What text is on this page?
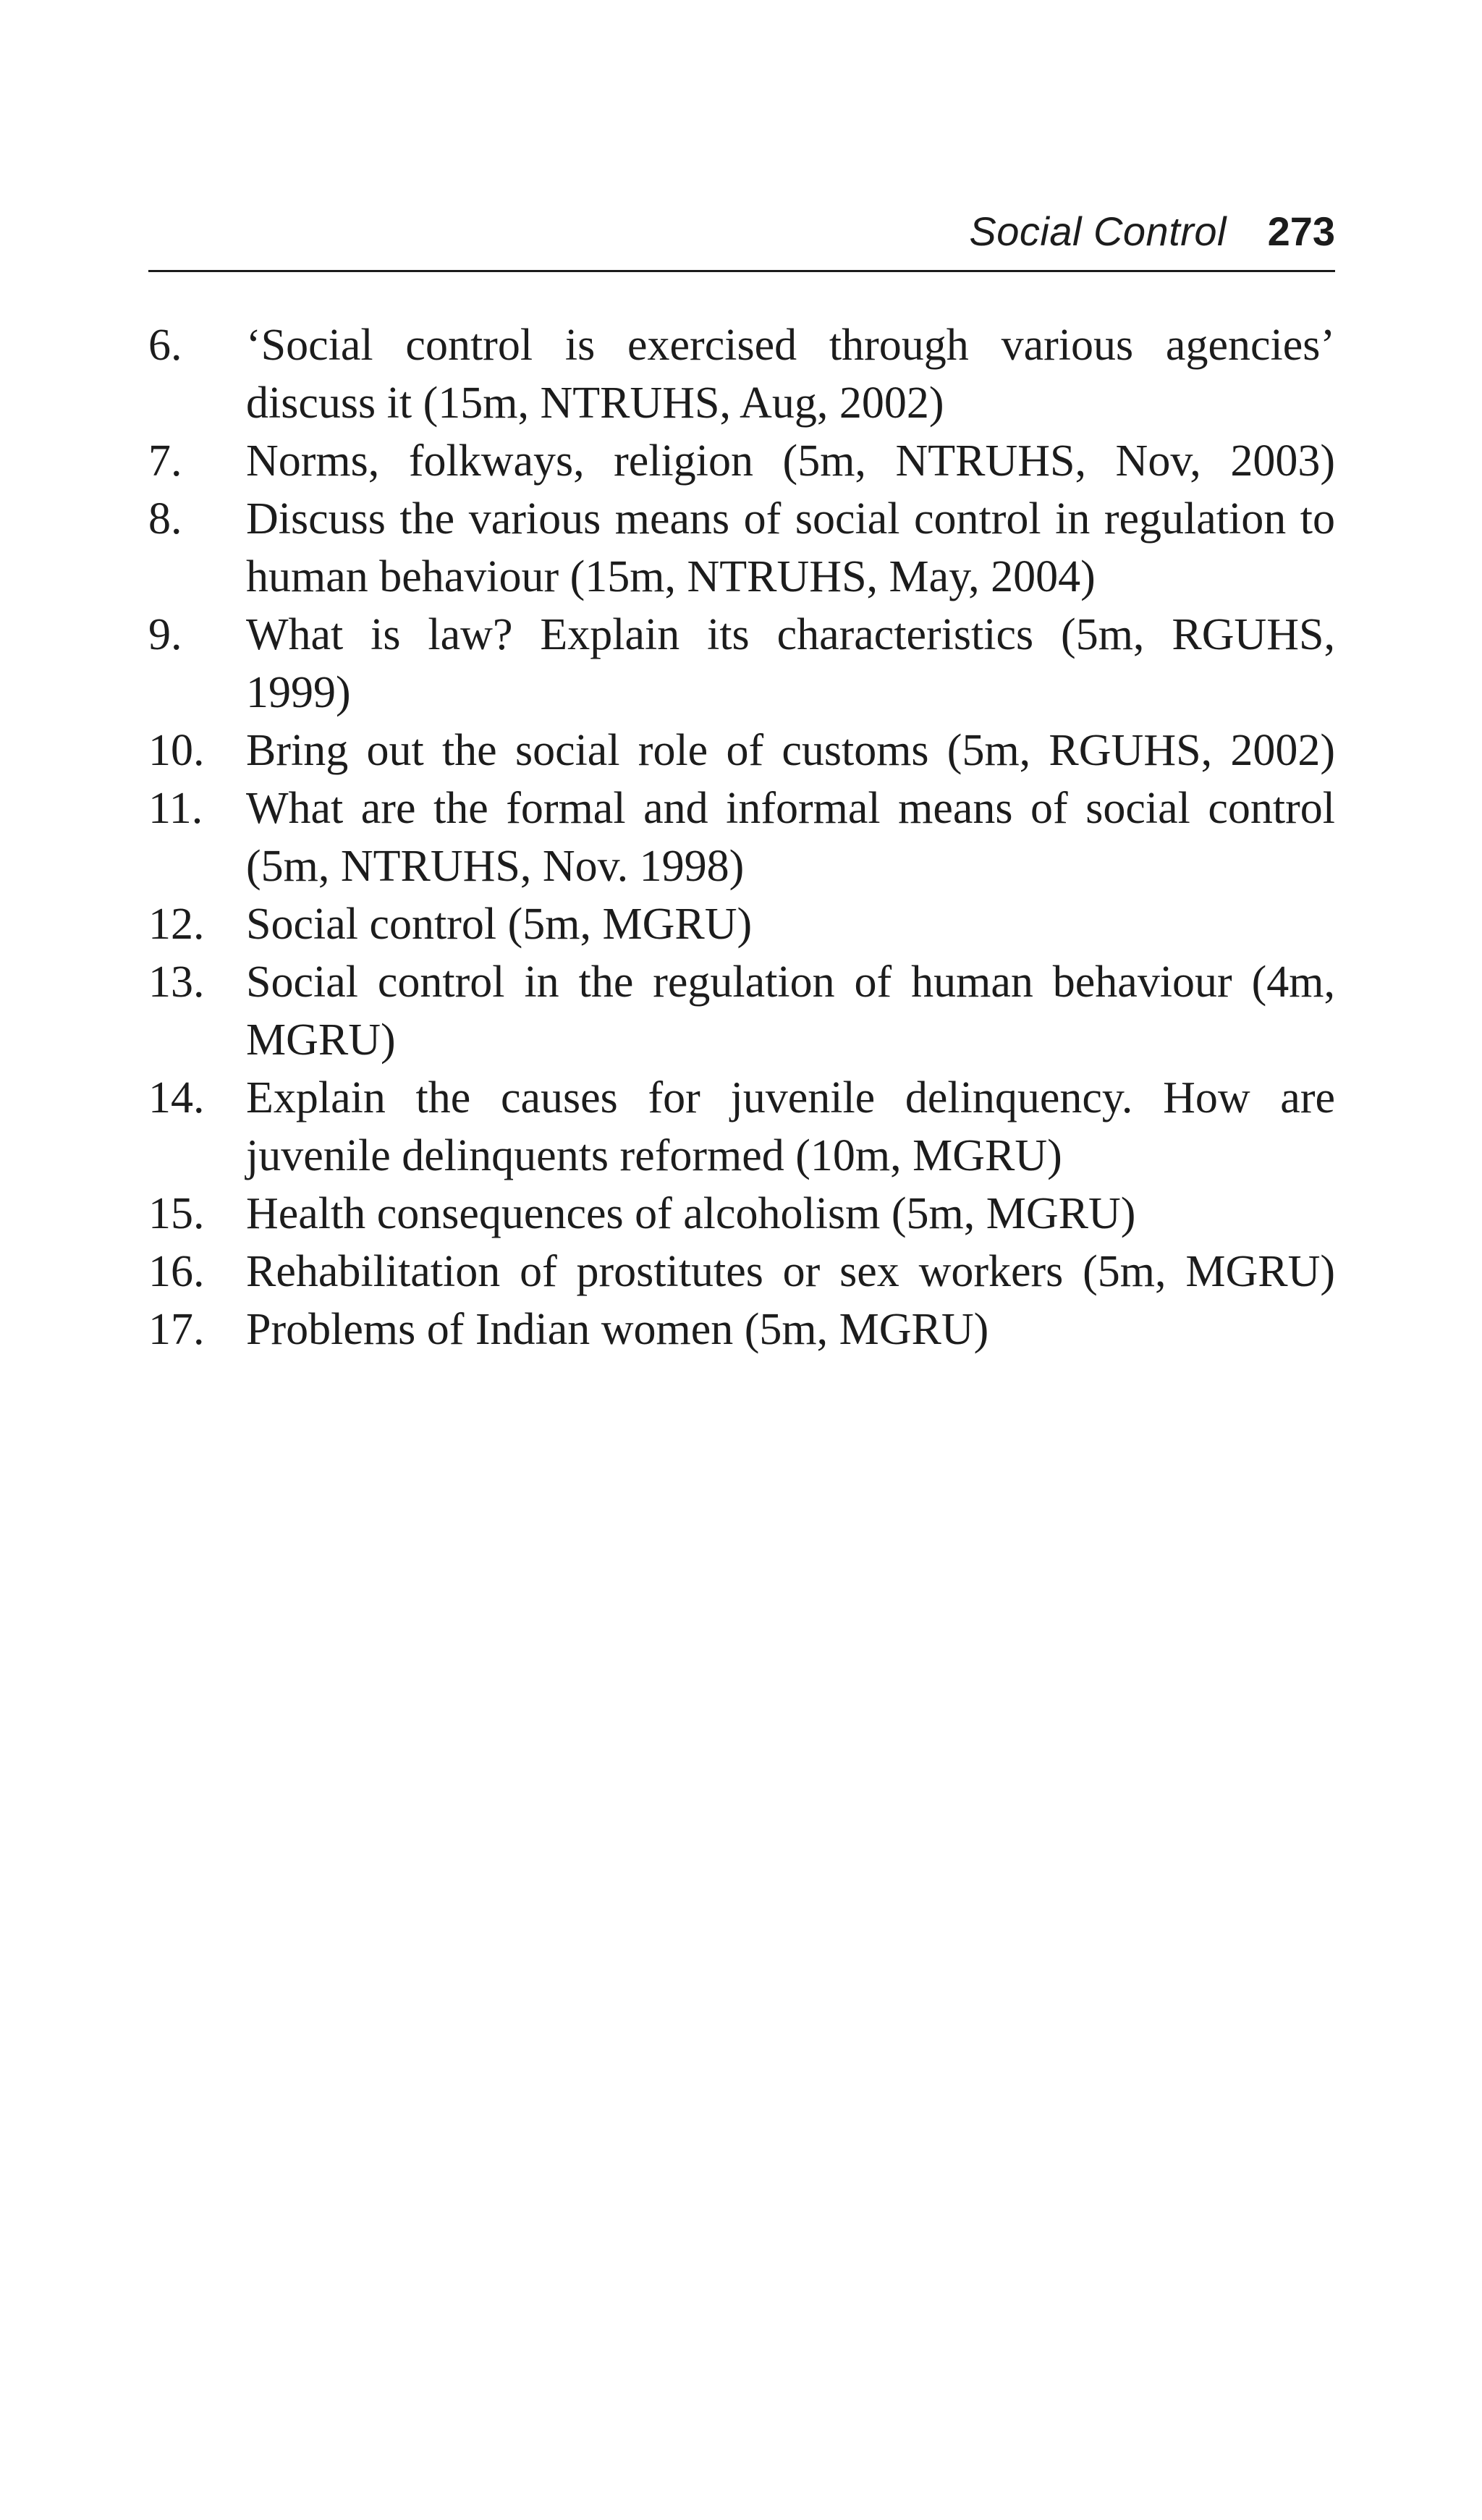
Social Control 273
6.	‘Social control is exercised through various agencies’ discuss it (15m, NTRUHS, Aug, 2002)
7.	Norms, folkways, religion (5m, NTRUHS, Nov, 2003)
8.	Discuss the various means of social control in regulation to human behaviour (15m, NTRUHS, May, 2004)
9.	What is law? Explain its characteristics (5m, RGUHS, 1999)
10. Bring out the social role of customs (5m, RGUHS, 2002)
11. What are the formal and informal means of social control (5m, NTRUHS, Nov. 1998)
12. Social control (5m, MGRU)
13. Social control in the regulation of human behaviour (4m, MGRU)
14. Explain the causes for juvenile delinquency. How are juvenile delinquents reformed (10m, MGRU)
15. Health consequences of alcoholism (5m, MGRU)
16. Rehabilitation of prostitutes or sex workers (5m, MGRU)
17. Problems of Indian women (5m, MGRU)
